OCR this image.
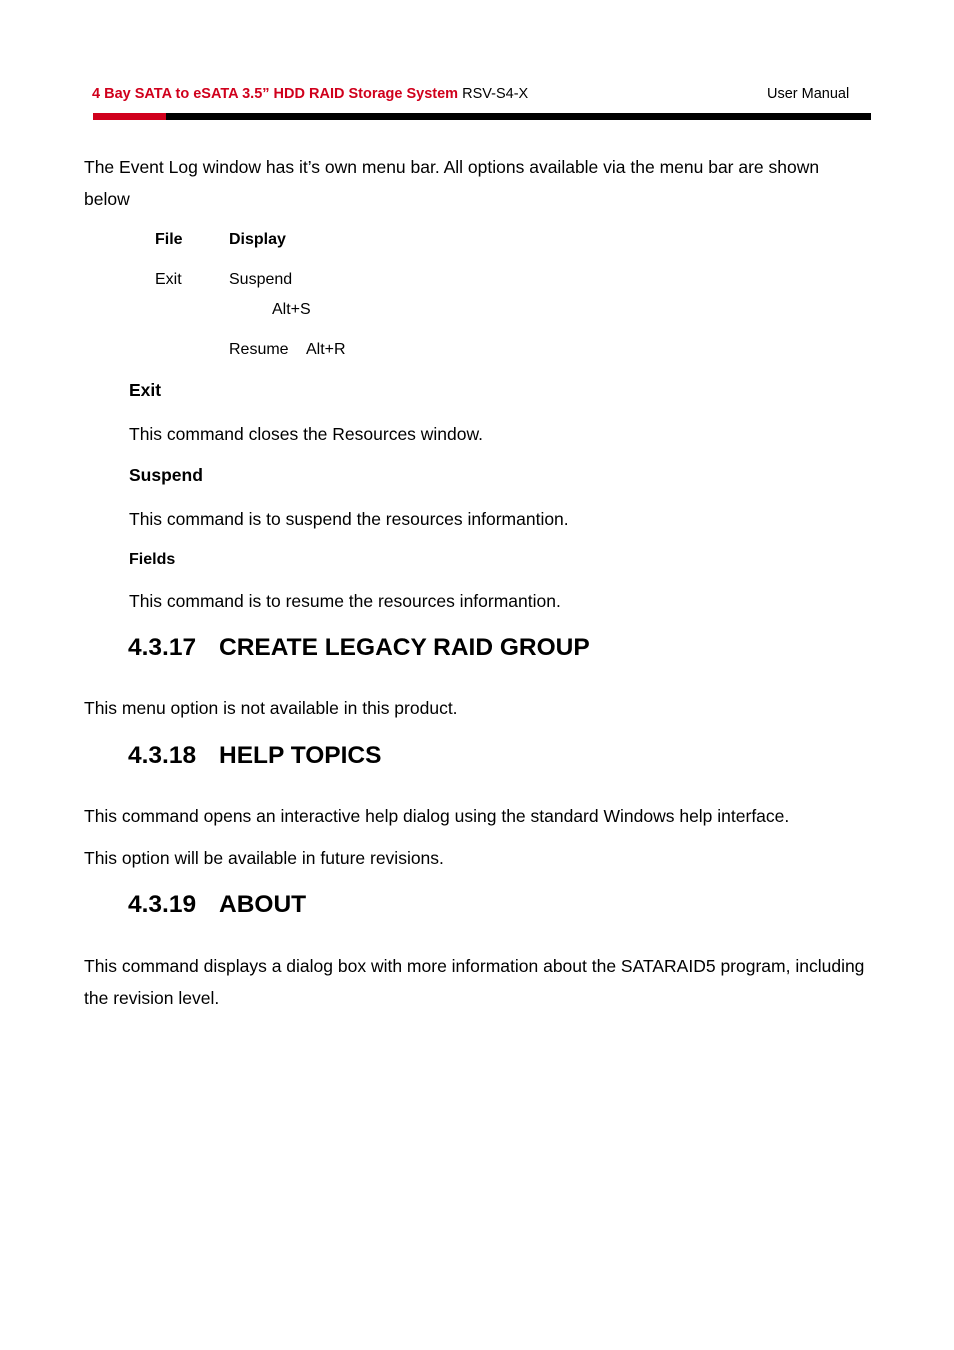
4 Bay SATA to eSATA 3.5” HDD RAID Storage System RSV-S4-X	User Manual
The Event Log window has it’s own menu bar. All options available via the menu bar are shown below
File	Display
Exit	Suspend
Alt+S
Resume Alt+R
Exit
This command closes the Resources window.
Suspend
This command is to suspend the resources informantion.
Fields
This command is to resume the resources informantion.
4.3.17 CREATE LEGACY RAID GROUP
This menu option is not available in this product.
4.3.18 HELP TOPICS
This command opens an interactive help dialog using the standard Windows help interface.
This option will be available in future revisions.
4.3.19 ABOUT
This command displays a dialog box with more information about the SATARAID5 program, including the revision level.
